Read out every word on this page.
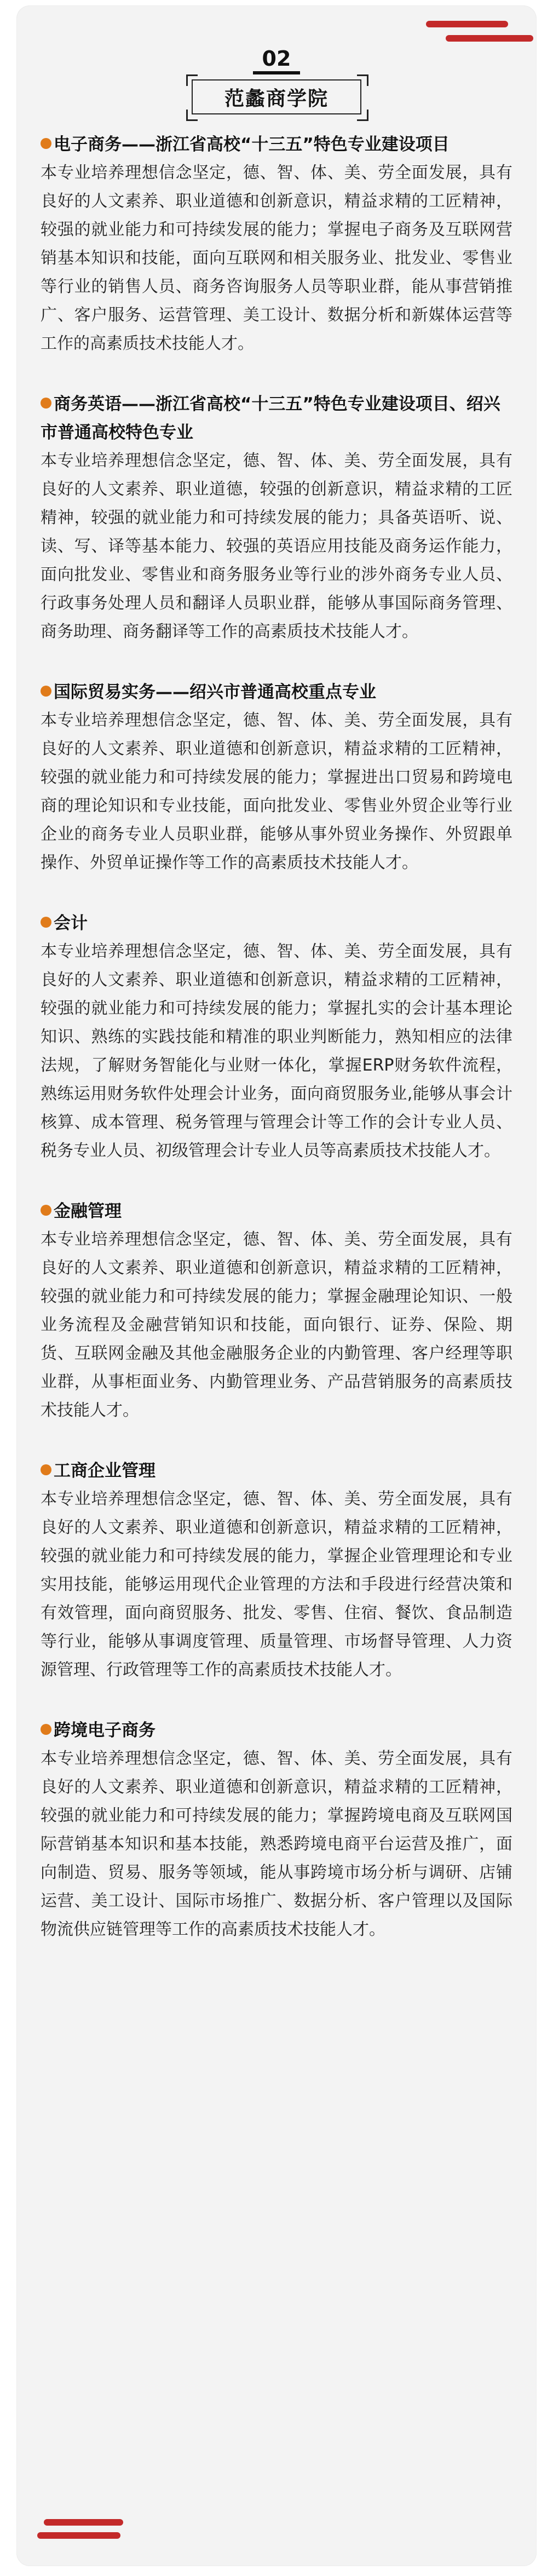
02
范蠡商学院

电子商务——浙江省高校“十三五”特色专业建设项目

本专业培养理想信念坚定，德、智、体、美、劳全面发展，具有良好的人文素养、职业道德和创新意识，精益求精的工匠精神，较强的就业能力和可持续发展的能力；掌握电子商务及互联网营销基本知识和技能，面向互联网和相关服务业、批发业、零售业等行业的销售人员、商务咨询服务人员等职业群，能从事营销推广、客户服务、运营管理、美工设计、数据分析和新媒体运营等工作的高素质技术技能人才。

商务英语——浙江省高校“十三五”特色专业建设项目、绍兴市普通高校特色专业

本专业培养理想信念坚定，德、智、体、美、劳全面发展，具有良好的人文素养、职业道德，较强的创新意识，精益求精的工匠精神，较强的就业能力和可持续发展的能力；具备英语听、说、读、写、译等基本能力、较强的英语应用技能及商务运作能力，面向批发业、零售业和商务服务业等行业的涉外商务专业人员、行政事务处理人员和翻译人员职业群，能够从事国际商务管理、商务助理、商务翻译等工作的高素质技术技能人才。

国际贸易实务——绍兴市普通高校重点专业

本专业培养理想信念坚定，德、智、体、美、劳全面发展，具有良好的人文素养、职业道德和创新意识，精益求精的工匠精神，较强的就业能力和可持续发展的能力；掌握进出口贸易和跨境电商的理论知识和专业技能，面向批发业、零售业外贸企业等行业企业的商务专业人员职业群，能够从事外贸业务操作、外贸跟单操作、外贸单证操作等工作的高素质技术技能人才。

会计

本专业培养理想信念坚定，德、智、体、美、劳全面发展，具有良好的人文素养、职业道德和创新意识，精益求精的工匠精神，较强的就业能力和可持续发展的能力；掌握扎实的会计基本理论知识、熟练的实践技能和精准的职业判断能力，熟知相应的法律法规，了解财务智能化与业财一体化，掌握ERP财务软件流程，熟练运用财务软件处理会计业务，面向商贸服务业,能够从事会计核算、成本管理、税务管理与管理会计等工作的会计专业人员、税务专业人员、初级管理会计专业人员等高素质技术技能人才。

金融管理

本专业培养理想信念坚定，德、智、体、美、劳全面发展，具有良好的人文素养、职业道德和创新意识，精益求精的工匠精神，较强的就业能力和可持续发展的能力；掌握金融理论知识、一般业务流程及金融营销知识和技能，面向银行、证券、保险、期货、互联网金融及其他金融服务企业的内勤管理、客户经理等职业群，从事柜面业务、内勤管理业务、产品营销服务的高素质技术技能人才。

工商企业管理

本专业培养理想信念坚定，德、智、体、美、劳全面发展，具有良好的人文素养、职业道德和创新意识，精益求精的工匠精神，较强的就业能力和可持续发展的能力，掌握企业管理理论和专业实用技能，能够运用现代企业管理的方法和手段进行经营决策和有效管理，面向商贸服务、批发、零售、住宿、餐饮、食品制造等行业，能够从事调度管理、质量管理、市场督导管理、人力资源管理、行政管理等工作的高素质技术技能人才。

跨境电子商务

本专业培养理想信念坚定，德、智、体、美、劳全面发展，具有良好的人文素养、职业道德和创新意识，精益求精的工匠精神，较强的就业能力和可持续发展的能力；掌握跨境电商及互联网国际营销基本知识和基本技能，熟悉跨境电商平台运营及推广，面向制造、贸易、服务等领域，能从事跨境市场分析与调研、店铺运营、美工设计、国际市场推广、数据分析、客户管理以及国际物流供应链管理等工作的高素质技术技能人才。
